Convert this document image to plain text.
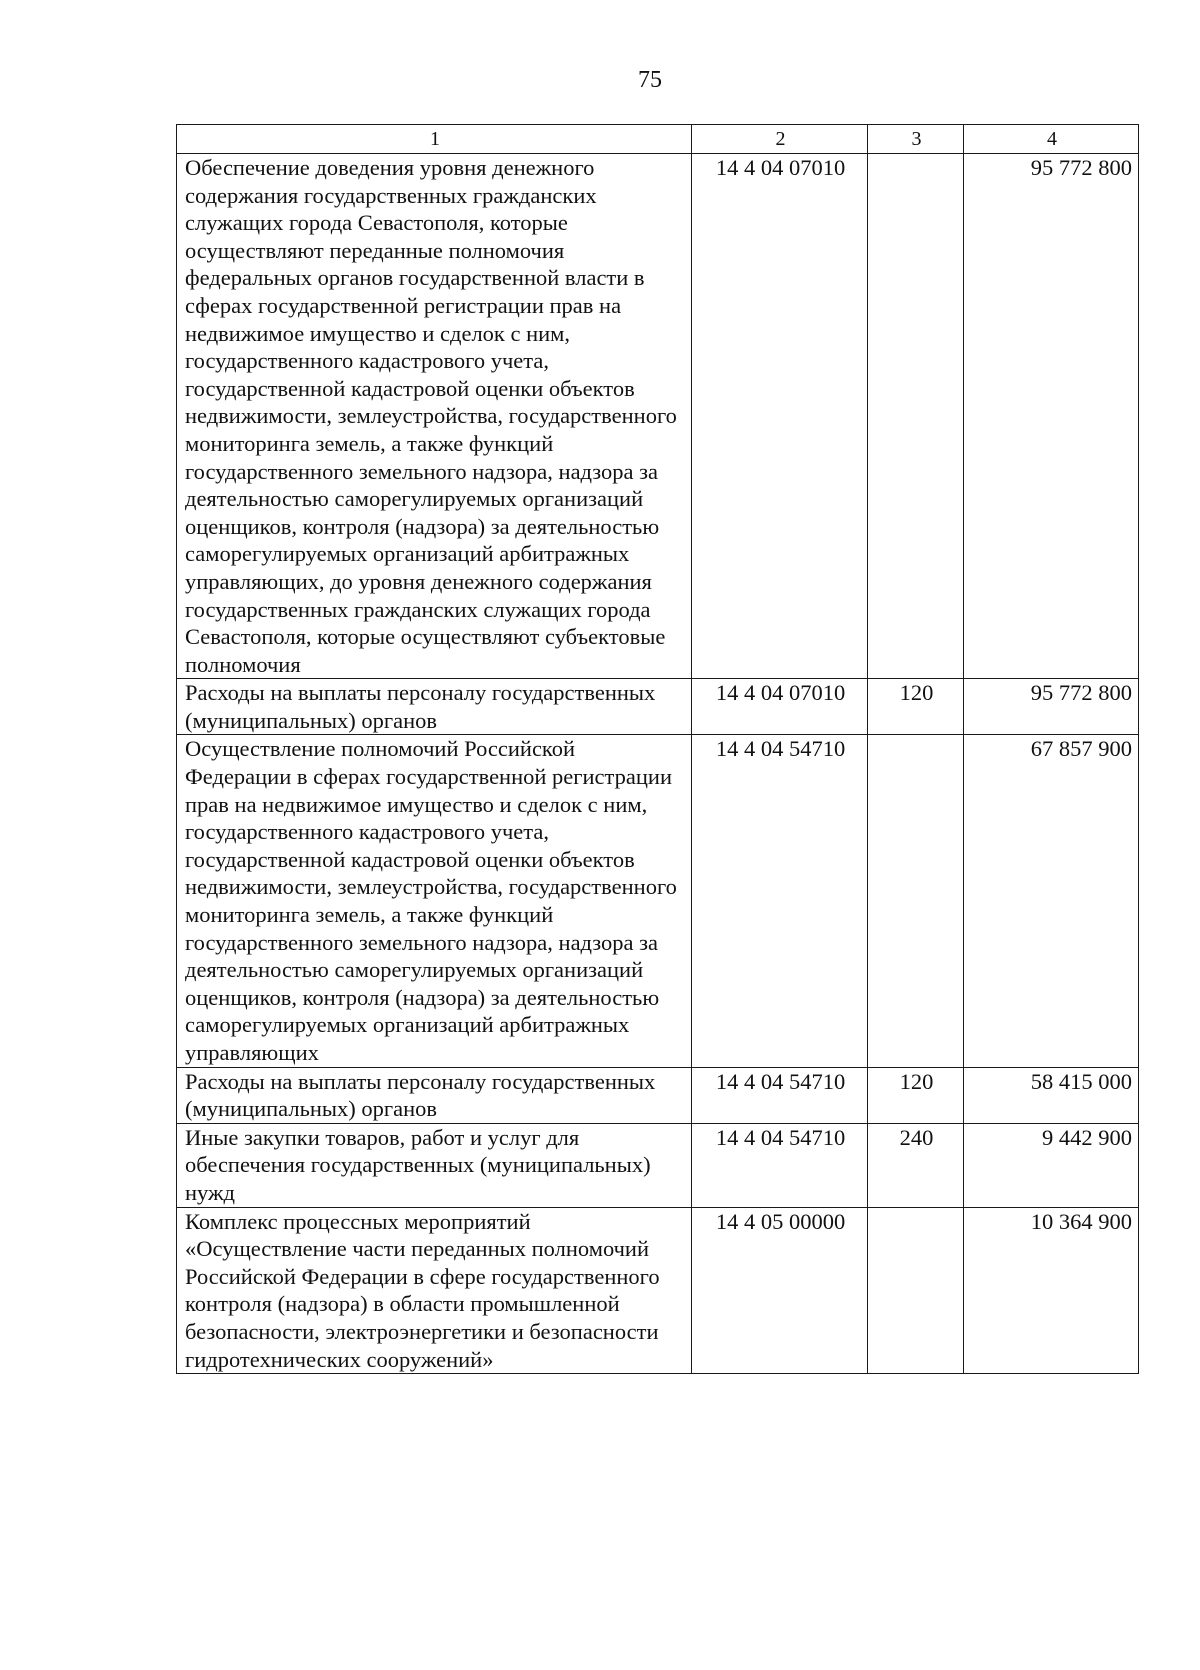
75
1	2	3	4
Обеспечение доведения уровня денежного содержания государственных гражданских служащих города Севастополя, которые осуществляют переданные полномочия федеральных органов государственной власти в сферах государственной регистрации прав на недвижимое имущество и сделок с ним, государственного кадастрового учета, государственной кадастровой оценки объектов недвижимости, землеустройства, государственного мониторинга земель, а также функций государственного земельного надзора, надзора за деятельностью саморегулируемых организаций оценщиков, контроля (надзора) за деятельностью саморегулируемых организаций арбитражных управляющих, до уровня денежного содержания государственных гражданских служащих города Севастополя, которые осуществляют субъектовые полномочия	14 4 04 07010		95 772 800
Расходы на выплаты персоналу государственных (муниципальных) органов	14 4 04 07010	120	95 772 800
Осуществление полномочий Российской Федерации в сферах государственной регистрации прав на недвижимое имущество и сделок с ним, государственного кадастрового учета, государственной кадастровой оценки объектов недвижимости, землеустройства, государственного мониторинга земель, а также функций государственного земельного надзора, надзора за деятельностью саморегулируемых организаций оценщиков, контроля (надзора) за деятельностью саморегулируемых организаций арбитражных управляющих	14 4 04 54710		67 857 900
Расходы на выплаты персоналу государственных (муниципальных) органов	14 4 04 54710	120	58 415 000
Иные закупки товаров, работ и услуг для обеспечения государственных (муниципальных) нужд	14 4 04 54710	240	9 442 900
Комплекс процессных мероприятий «Осуществление части переданных полномочий Российской Федерации в сфере государственного контроля (надзора) в области промышленной безопасности, электроэнергетики и безопасности гидротехнических сооружений»	14 4 05 00000		10 364 900
